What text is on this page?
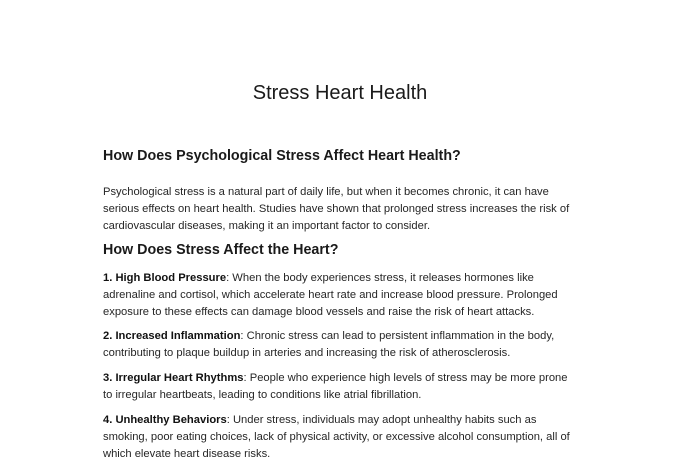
Stress Heart Health
How Does Psychological Stress Affect Heart Health?

Psychological stress is a natural part of daily life, but when it becomes chronic, it can have serious effects on heart health. Studies have shown that prolonged stress increases the risk of cardiovascular diseases, making it an important factor to consider.

How Does Stress Affect the Heart?

1. High Blood Pressure: When the body experiences stress, it releases hormones like adrenaline and cortisol, which accelerate heart rate and increase blood pressure. Prolonged exposure to these effects can damage blood vessels and raise the risk of heart attacks.

2. Increased Inflammation: Chronic stress can lead to persistent inflammation in the body, contributing to plaque buildup in arteries and increasing the risk of atherosclerosis.

3. Irregular Heart Rhythms: People who experience high levels of stress may be more prone to irregular heartbeats, leading to conditions like atrial fibrillation.

4. Unhealthy Behaviors: Under stress, individuals may adopt unhealthy habits such as smoking, poor eating choices, lack of physical activity, or excessive alcohol consumption, all of which elevate heart disease risks.
